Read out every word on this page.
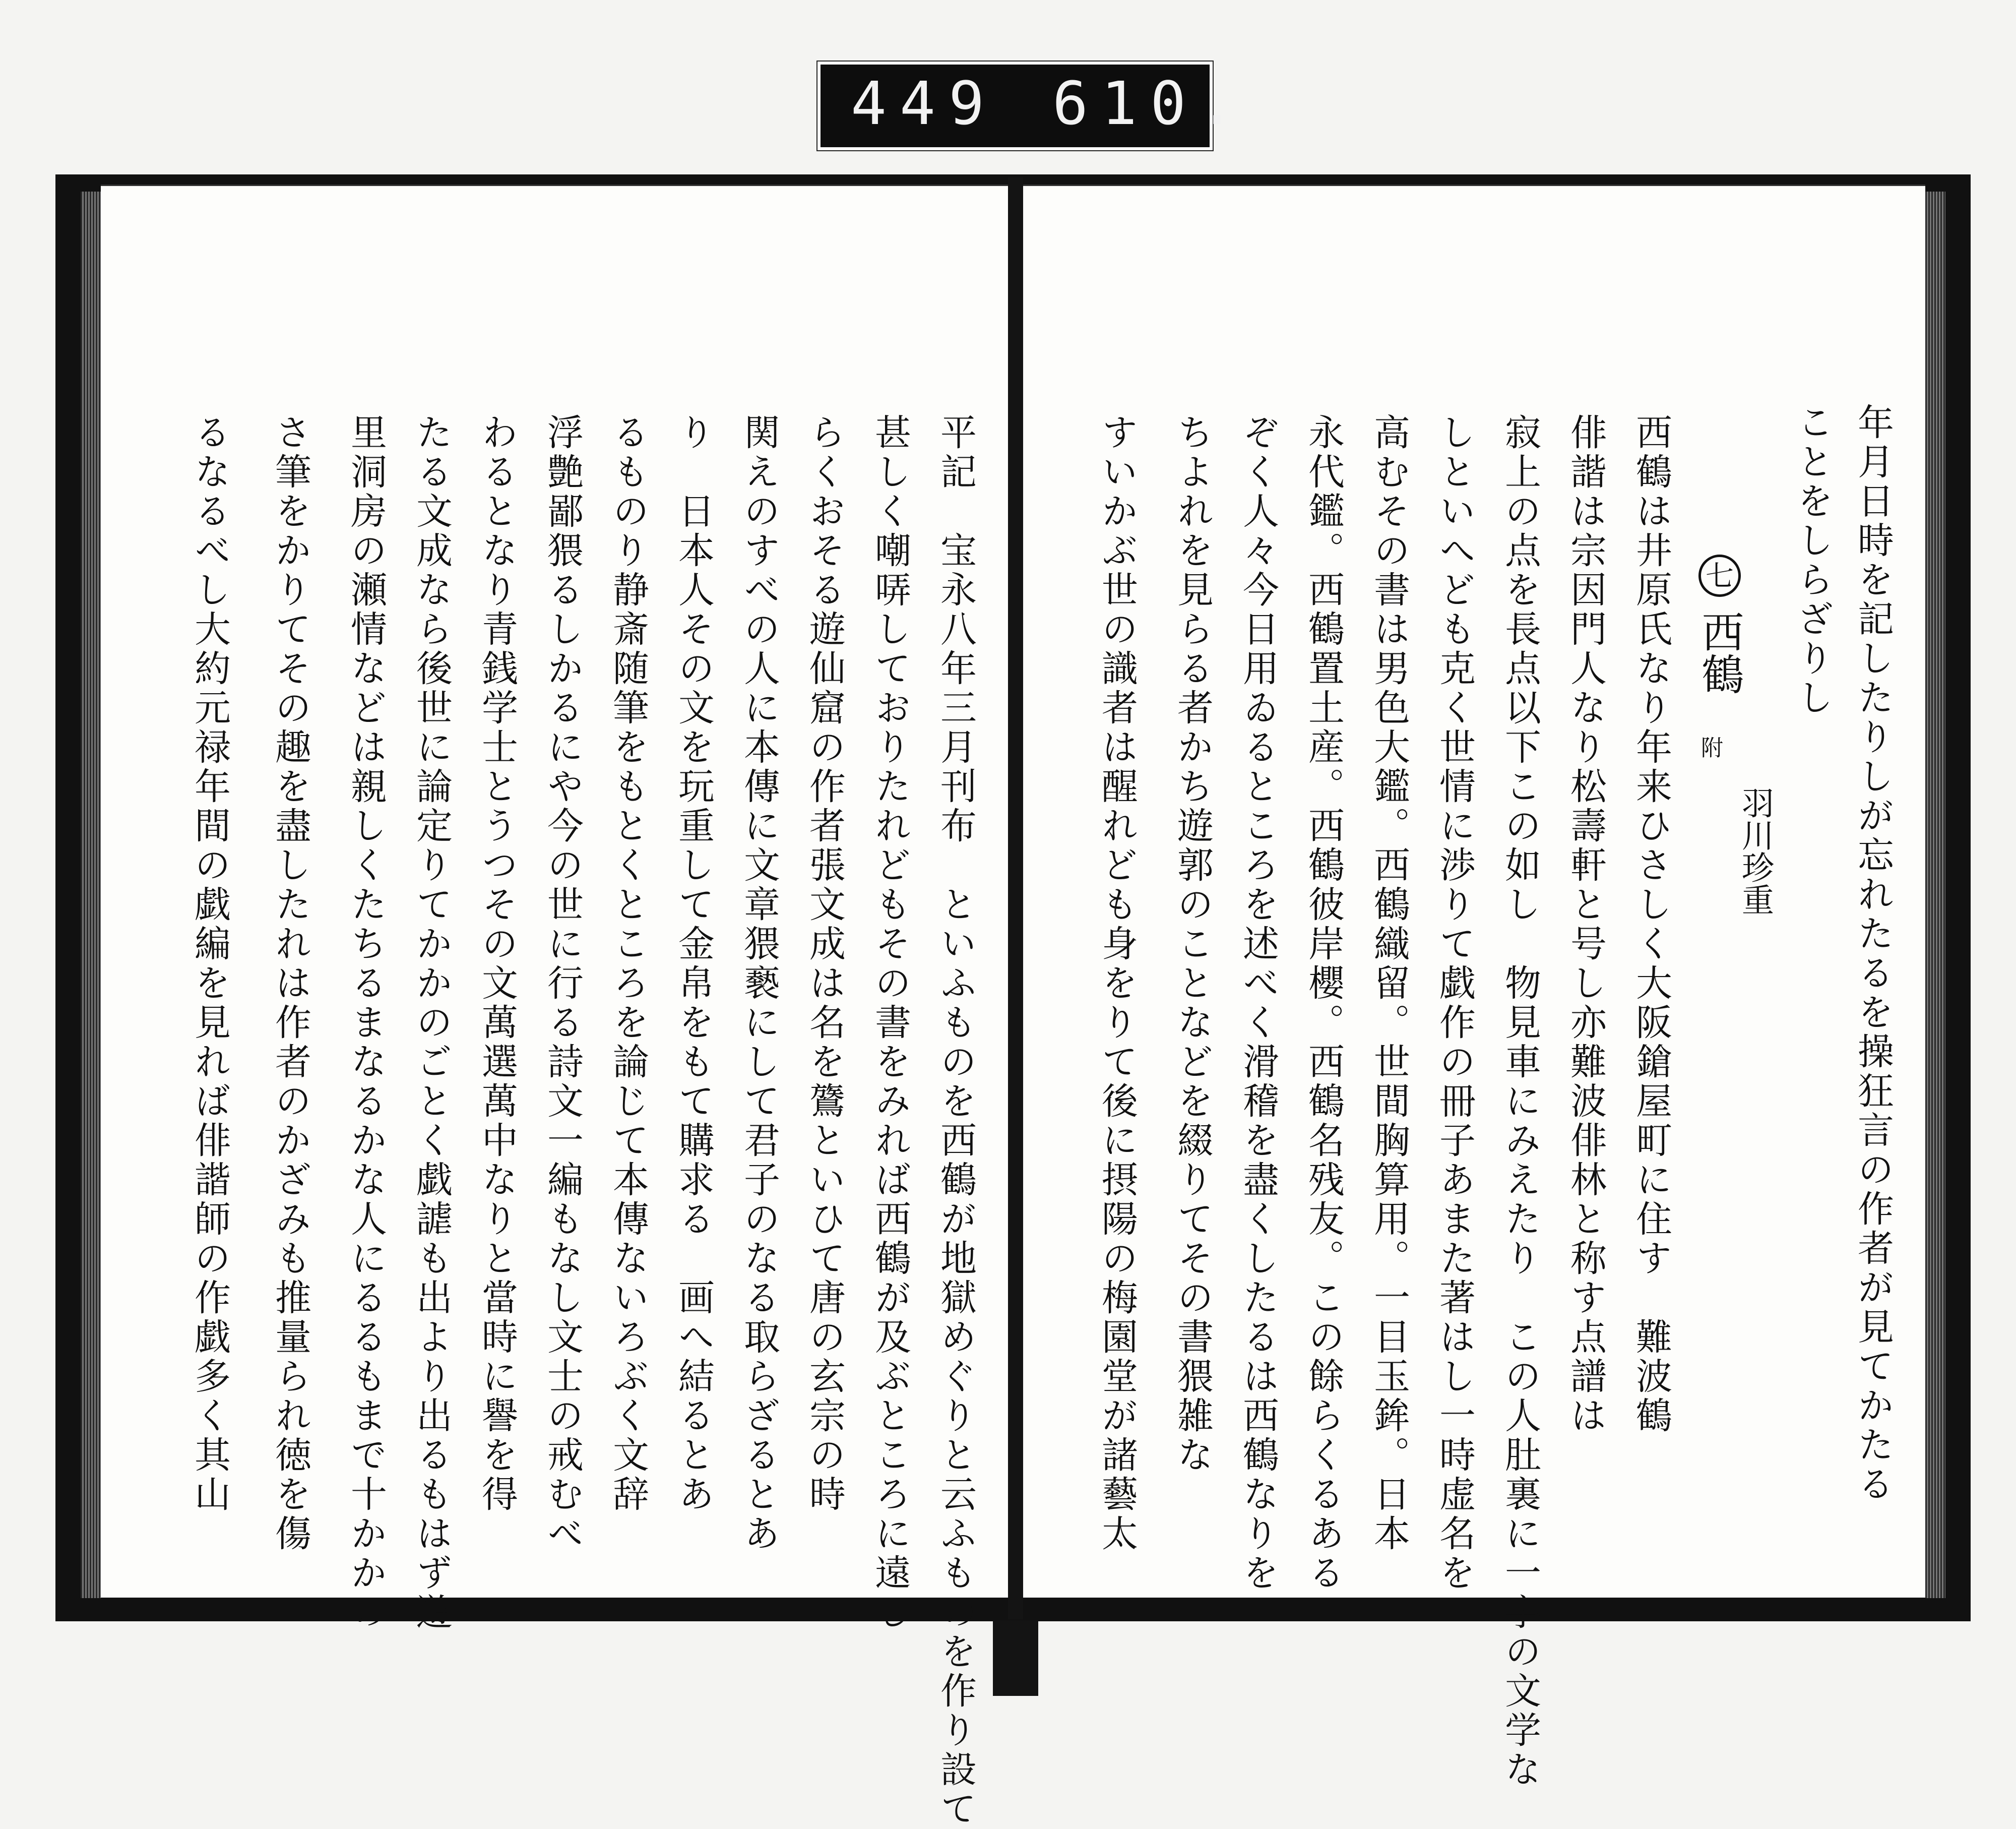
449 610.
年月日時を記したりしが忘れたるを操狂言の作者が見てかたる
ことをしらざりし
七 西鶴
羽川珍重
附
西鶴は井原氏なり年来ひさしく大阪鎗屋町に住す　難波鶴
俳諧は宗因門人なり松壽軒と号し亦難波俳林と称す点譜は
寂上の点を長点以下この如し　物見車にみえたり　この人肚裏に一字の文学な
しといへども克く世情に渉りて戯作の冊子あまた著はし一時虚名を
高むその書は男色大鑑。西鶴織留。世間胸算用。一目玉鉾。日本
永代鑑。西鶴置土産。西鶴彼岸櫻。西鶴名残友。この餘らくるある
ぞく人々今日用ゐるところを述べく滑稽を盡くしたるは西鶴なりを
ちよれを見らる者かち遊郭のことなどを綴りてその書猥雑な
すいかぶ世の識者は醒れども身をりて後に摂陽の梅園堂が諸藝太
平記　宝永八年三月刊布　といふものを西鶴が地獄めぐりと云ふものを作り設て
甚しく嘲哢しておりたれどもその書をみれば西鶴が及ぶところに遠し
らくおそる遊仙窟の作者張文成は名を鷟といひて唐の玄宗の時
関えのすべの人に本傳に文章猥褻にして君子のなる取らざるとあ
り　日本人その文を玩重して金帛をもて購求る　画へ結るとあ
るものり静斎随筆をもとくところを論じて本傳ないろぶく文辞
浮艶鄙猥るしかるにや今の世に行る詩文一編もなし文士の戒むべ
わるとなり青銭学士とうつその文萬選萬中なりと當時に譽を得
たる文成なら後世に論定りてかかのごとく戯謔も出より出るもはず遊
里洞房の瀬情などは親しくたちるまなるかな人にるるもまで十かかの
さ筆をかりてその趣を盡したれは作者のかざみも推量られ徳を傷
るなるべし大約元禄年間の戯編を見れば俳諧師の作戯多く其山
